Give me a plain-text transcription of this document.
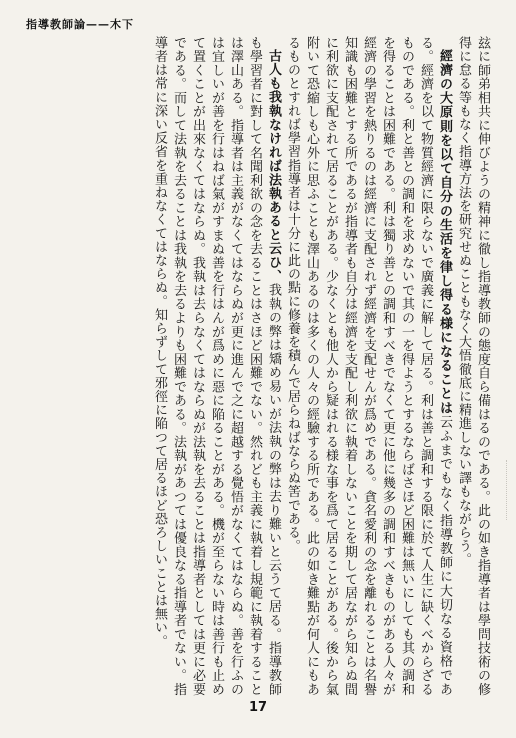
指導教師論——木下

玆に師弟相共に伸びようの精神に徹し指導教師の態度自ら備はるのである。此の如き指導者は學問技術の修得に怠る等もなく指導方法を研究せぬこともなく大悟徹底に精進しない譯もながらう。

經濟の大原則を以て自分の生活を律し得る様になることは云ふまでもなく指導教師に大切なる資格である。經濟を以て物質經濟に限らないで廣義に解して居る。利は善と調和する限に於て人生に缺くべからざるものである。利と善との調和を求めないで其の一を得ようとするならばさほど困難は無いにしても其の調和を得ることは困難である。利は獨り善との調和すべきでなくて更に他に幾多の調和すべきものがある人々が經濟の學習を熱りるのは經濟に支配されず經濟を支配せんが爲めである。貪名愛利の念を離れることは名譽知識も困難とする所であるが指導者も自分は經濟を支配し利欲に執着しないことを期して居ながら知らぬ間に利欲に支配されて居ることがある。少なくとも他人から疑はれる様な事を爲て居ることがある。後から氣附いて恐縮しも心外に思ふことも澤山あるのは多くの人々の經驗する所である。此の如き難點が何人にもあるものとすれば學習指導者は十分に此の點に修養を積んで居らねばならぬ筈である。

古人も我執なければ法執あると云ひ、我執の弊は矯め易いが法執の弊は去り難いと云うて居る。指導教師も學習者に對して名聞利欲の念を去ることはさほど困難でない。然れども主義に執着し規範に執着することは澤山ある。指導者は主義がなくてはならぬが更に進んで之に超越する覺悟がなくてはならぬ。善を行ふのは宜しいが善を行はねば氣がすまぬ善を行はんが爲めに惡に陥ることがある。機が至らない時は善行も止めて置くことが出來なくてはならぬ。我執は去らなくてはならぬが法執を去ることは指導者としては更に必要である。而して法執を去ることは我執を去るよりも困難である。法執があつては優良なる指導者でない。指導者は常に深い反省を重ねなくてはならぬ。知らずして邪徑に陥つて居るほど恐ろしいことは無い。

17
